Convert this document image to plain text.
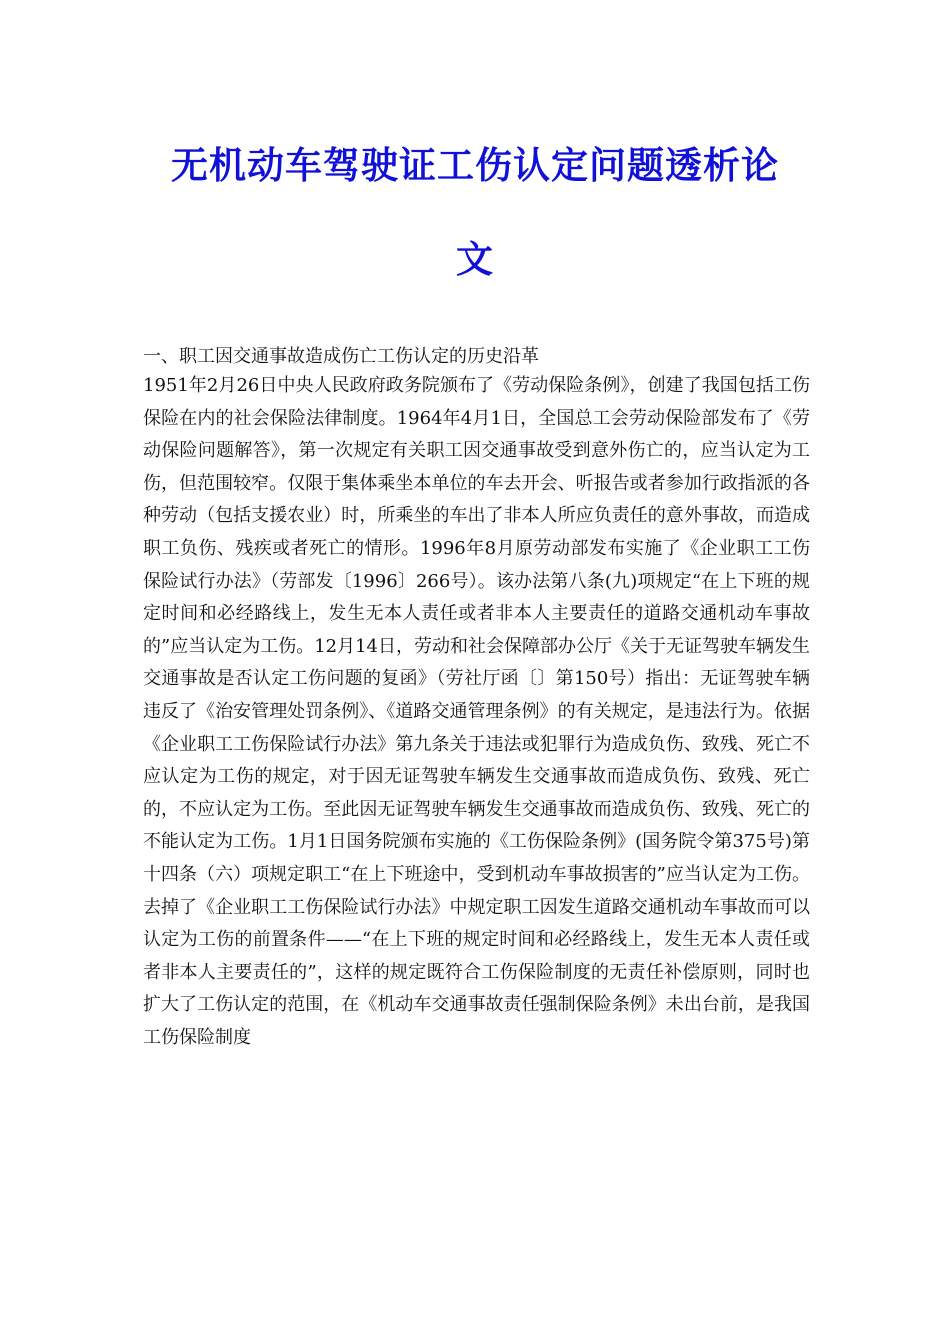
无机动车驾驶证工伤认定问题透析论
文
一、职工因交通事故造成伤亡工伤认定的历史沿革

1951年2月26日中央人民政府政务院颁布了《劳动保险条例》，创建了我国包括工伤保险在内的社会保险法律制度。1964年4月1日，全国总工会劳动保险部发布了《劳动保险问题解答》，第一次规定有关职工因交通事故受到意外伤亡的，应当认定为工伤，但范围较窄。仅限于集体乘坐本单位的车去开会、听报告或者参加行政指派的各种劳动（包括支援农业）时，所乘坐的车出了非本人所应负责任的意外事故，而造成职工负伤、残疾或者死亡的情形。1996年8月原劳动部发布实施了《企业职工工伤保险试行办法》（劳部发〔1996〕266号）。该办法第八条(九)项规定“在上下班的规定时间和必经路线上，发生无本人责任或者非本人主要责任的道路交通机动车事故的”应当认定为工伤。12月14日，劳动和社会保障部办公厅《关于无证驾驶车辆发生交通事故是否认定工伤问题的复函》（劳社厅函〔〕第150号）指出：无证驾驶车辆违反了《治安管理处罚条例》、《道路交通管理条例》的有关规定，是违法行为。依据《企业职工工伤保险试行办法》第九条关于违法或犯罪行为造成负伤、致残、死亡不应认定为工伤的规定，对于因无证驾驶车辆发生交通事故而造成负伤、致残、死亡的，不应认定为工伤。至此因无证驾驶车辆发生交通事故而造成负伤、致残、死亡的不能认定为工伤。1月1日国务院颁布实施的《工伤保险条例》(国务院令第375号)第十四条（六）项规定职工“在上下班途中，受到机动车事故损害的”应当认定为工伤。去掉了《企业职工工伤保险试行办法》中规定职工因发生道路交通机动车事故而可以认定为工伤的前置条件——“在上下班的规定时间和必经路线上，发生无本人责任或者非本人主要责任的”，这样的规定既符合工伤保险制度的无责任补偿原则，同时也扩大了工伤认定的范围，在《机动车交通事故责任强制保险条例》未出台前，是我国工伤保险制度
